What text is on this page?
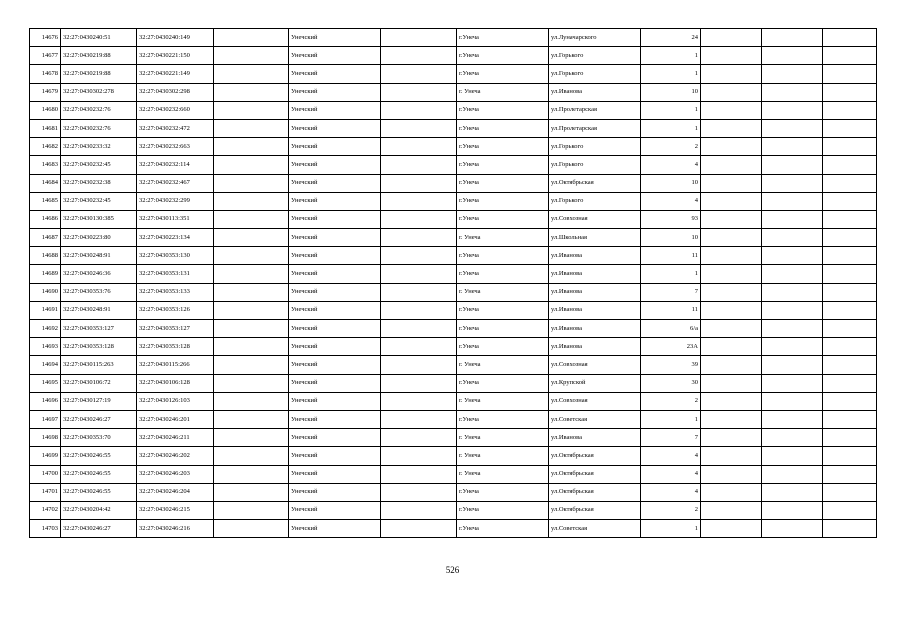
14676	32:27:0430240:51	32:27:0430240:149		Унечский		г.Унеча	ул.Луначарского	24			
14677	32:27:0430219:88	32:27:0430221:150		Унечский		г.Унеча	ул.Горького	1			
14678	32:27:0430219:88	32:27:0430221:149		Унечский		г.Унеча	ул.Горького	1			
14679	32:27:0430302:278	32:27:0430302:298		Унечский		г. Унеча	ул.Иванова	10			
14680	32:27:0430232:76	32:27:0430232:660		Унечский		г.Унеча	ул.Пролетарская	1			
14681	32:27:0430232:76	32:27:0430232:472		Унечский		г.Унеча	ул.Пролетарская	1			
14682	32:27:0430233:32	32:27:0430232:663		Унечский		г.Унеча	ул.Горького	2			
14683	32:27:0430232:45	32:27:0430232:114		Унечский		г.Унеча	ул.Горького	4			
14684	32:27:0430232:38	32:27:0430232:467		Унечский		г.Унеча	ул.Октябрьская	10			
14685	32:27:0430232:45	32:27:0430232:299		Унечский		г.Унеча	ул.Горького	4			
14686	32:27:0430130:385	32:27:0430113:351		Унечский		г.Унеча	ул.Совхозная	93			
14687	32:27:0430223:80	32:27:0430223:134		Унечский		г. Унеча	ул.Школьная	10			
14688	32:27:0430248:91	32:27:0430353:130		Унечский		г.Унеча	ул.Иванова	11			
14689	32:27:0430246:36	32:27:0430353:131		Унечский		г.Унеча	ул.Иванова	1			
14690	32:27:0430353:76	32:27:0430353:133		Унечский		г. Унеча	ул.Иванова	7			
14691	32:27:0430248:91	32:27:0430353:126		Унечский		г.Унеча	ул.Иванова	11			
14692	32:27:0430353:127	32:27:0430353:127		Унечский		г.Унеча	ул.Иванова	6/а			
14693	32:27:0430353:128	32:27:0430353:128		Унечский		г.Унеча	ул.Иванова	23А			
14694	32:27:0430115:263	32:27:0430115:266		Унечский		г. Унеча	ул.Совхозная	39			
14695	32:27:0430106:72	32:27:0430106:128		Унечский		г.Унеча	ул.Крупской	30			
14696	32:27:0430127:19	32:27:0430126:103		Унечский		г. Унеча	ул.Совхозная	2			
14697	32:27:0430246:27	32:27:0430246:201		Унечский		г.Унеча	ул.Советская	1			
14698	32:27:0430353:70	32:27:0430246:211		Унечский		г. Унеча	ул.Иванова	7			
14699	32:27:0430246:55	32:27:0430246:202		Унечский		г. Унеча	ул.Октябрьская	4			
14700	32:27:0430246:55	32:27:0430246:203		Унечский		г. Унеча	ул.Октябрьская	4			
14701	32:27:0430246:55	32:27:0430246:204		Унечский		г.Унеча	ул.Октябрьская	4			
14702	32:27:0430204:42	32:27:0430246:215		Унечский		г.Унеча	ул.Октябрьская	2			
14703	32:27:0430246:27	32:27:0430246:216		Унечский		г.Унеча	ул.Советская	1			
526
